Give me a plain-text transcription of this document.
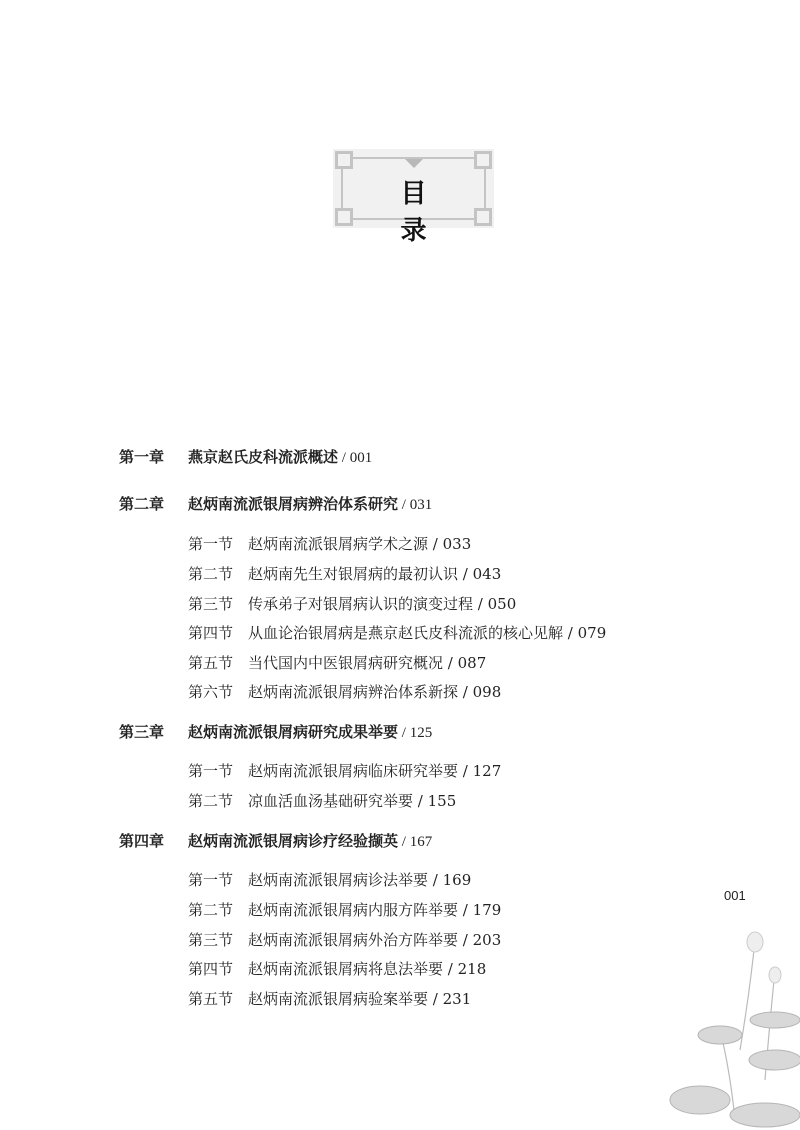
目 录
第一章 燕京赵氏皮科流派概述 / 001
第二章 赵炳南流派银屑病辨治体系研究 / 031
第一节 赵炳南流派银屑病学术之源 / 033
第二节 赵炳南先生对银屑病的最初认识 / 043
第三节 传承弟子对银屑病认识的演变过程 / 050
第四节 从血论治银屑病是燕京赵氏皮科流派的核心见解 / 079
第五节 当代国内中医银屑病研究概况 / 087
第六节 赵炳南流派银屑病辨治体系新探 / 098
第三章 赵炳南流派银屑病研究成果举要 / 125
第一节 赵炳南流派银屑病临床研究举要 / 127
第二节 凉血活血汤基础研究举要 / 155
第四章 赵炳南流派银屑病诊疗经验撷英 / 167
第一节 赵炳南流派银屑病诊法举要 / 169
第二节 赵炳南流派银屑病内服方阵举要 / 179
第三节 赵炳南流派银屑病外治方阵举要 / 203
第四节 赵炳南流派银屑病将息法举要 / 218
第五节 赵炳南流派银屑病验案举要 / 231
001
